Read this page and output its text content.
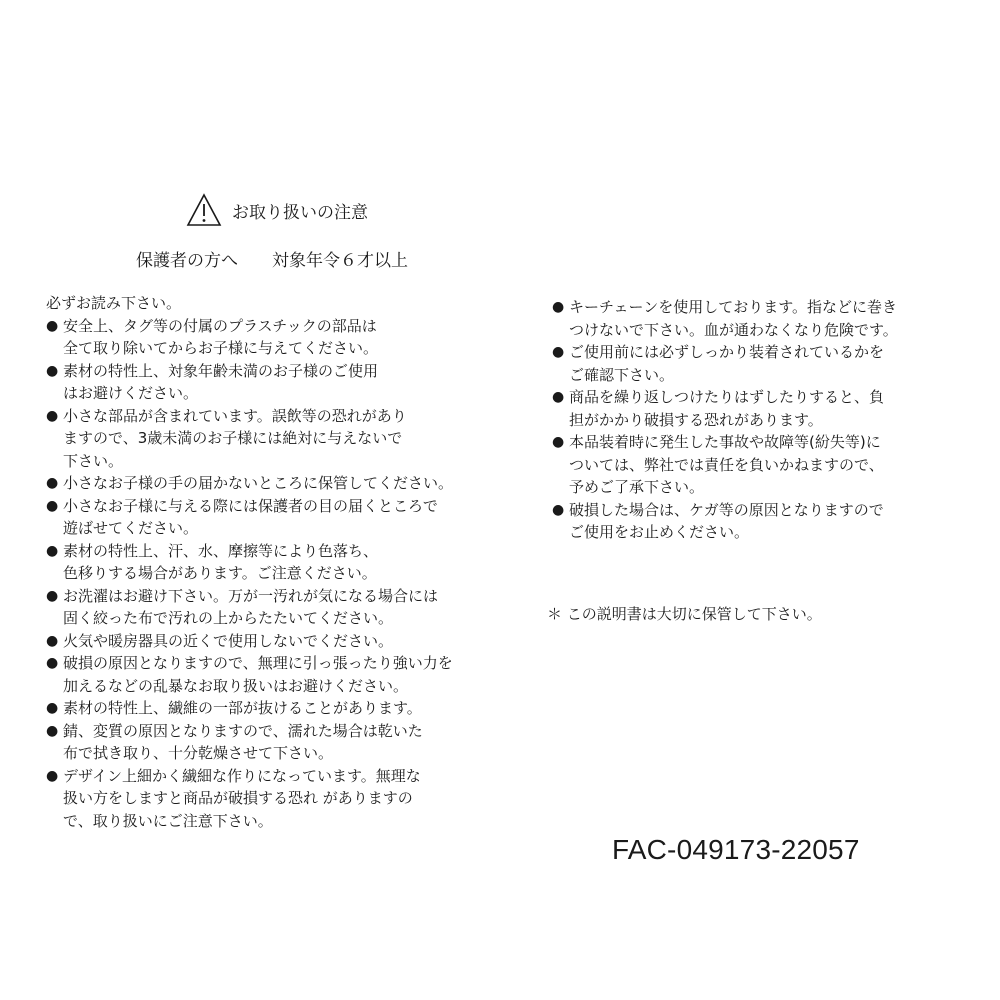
お取り扱いの注意
保護者の方へ　　対象年令６才以上
必ずお読み下さい。
● 安全上、タグ等の付属のプラスチックの部品は
全て取り除いてからお子様に与えてください。
● 素材の特性上、対象年齢未満のお子様のご使用
はお避けください。
● 小さな部品が含まれています。誤飲等の恐れがあり
ますので、3歳未満のお子様には絶対に与えないで
下さい。
● 小さなお子様の手の届かないところに保管してください。
● 小さなお子様に与える際には保護者の目の届くところで
遊ばせてください。
● 素材の特性上、汗、水、摩擦等により色落ち、
色移りする場合があります。ご注意ください。
● お洗濯はお避け下さい。万が一汚れが気になる場合には
固く絞った布で汚れの上からたたいてください。
● 火気や暖房器具の近くで使用しないでください。
● 破損の原因となりますので、無理に引っ張ったり強い力を
加えるなどの乱暴なお取り扱いはお避けください。
● 素材の特性上、繊維の一部が抜けることがあります。
● 錆、変質の原因となりますので、濡れた場合は乾いた
布で拭き取り、十分乾燥させて下さい。
● デザイン上細かく繊細な作りになっています。無理な
扱い方をしますと商品が破損する恐れ がありますの
で、取り扱いにご注意下さい。
● キーチェーンを使用しております。指などに巻き
つけないで下さい。血が通わなくなり危険です。
● ご使用前には必ずしっかり装着されているかを
ご確認下さい。
● 商品を繰り返しつけたりはずしたりすると、負
担がかかり破損する恐れがあります。
● 本品装着時に発生した事故や故障等(紛失等)に
ついては、弊社では責任を負いかねますので、
予めご了承下さい。
● 破損した場合は、ケガ等の原因となりますので
ご使用をお止めください。
＊ この説明書は大切に保管して下さい。
FAC-049173-22057
